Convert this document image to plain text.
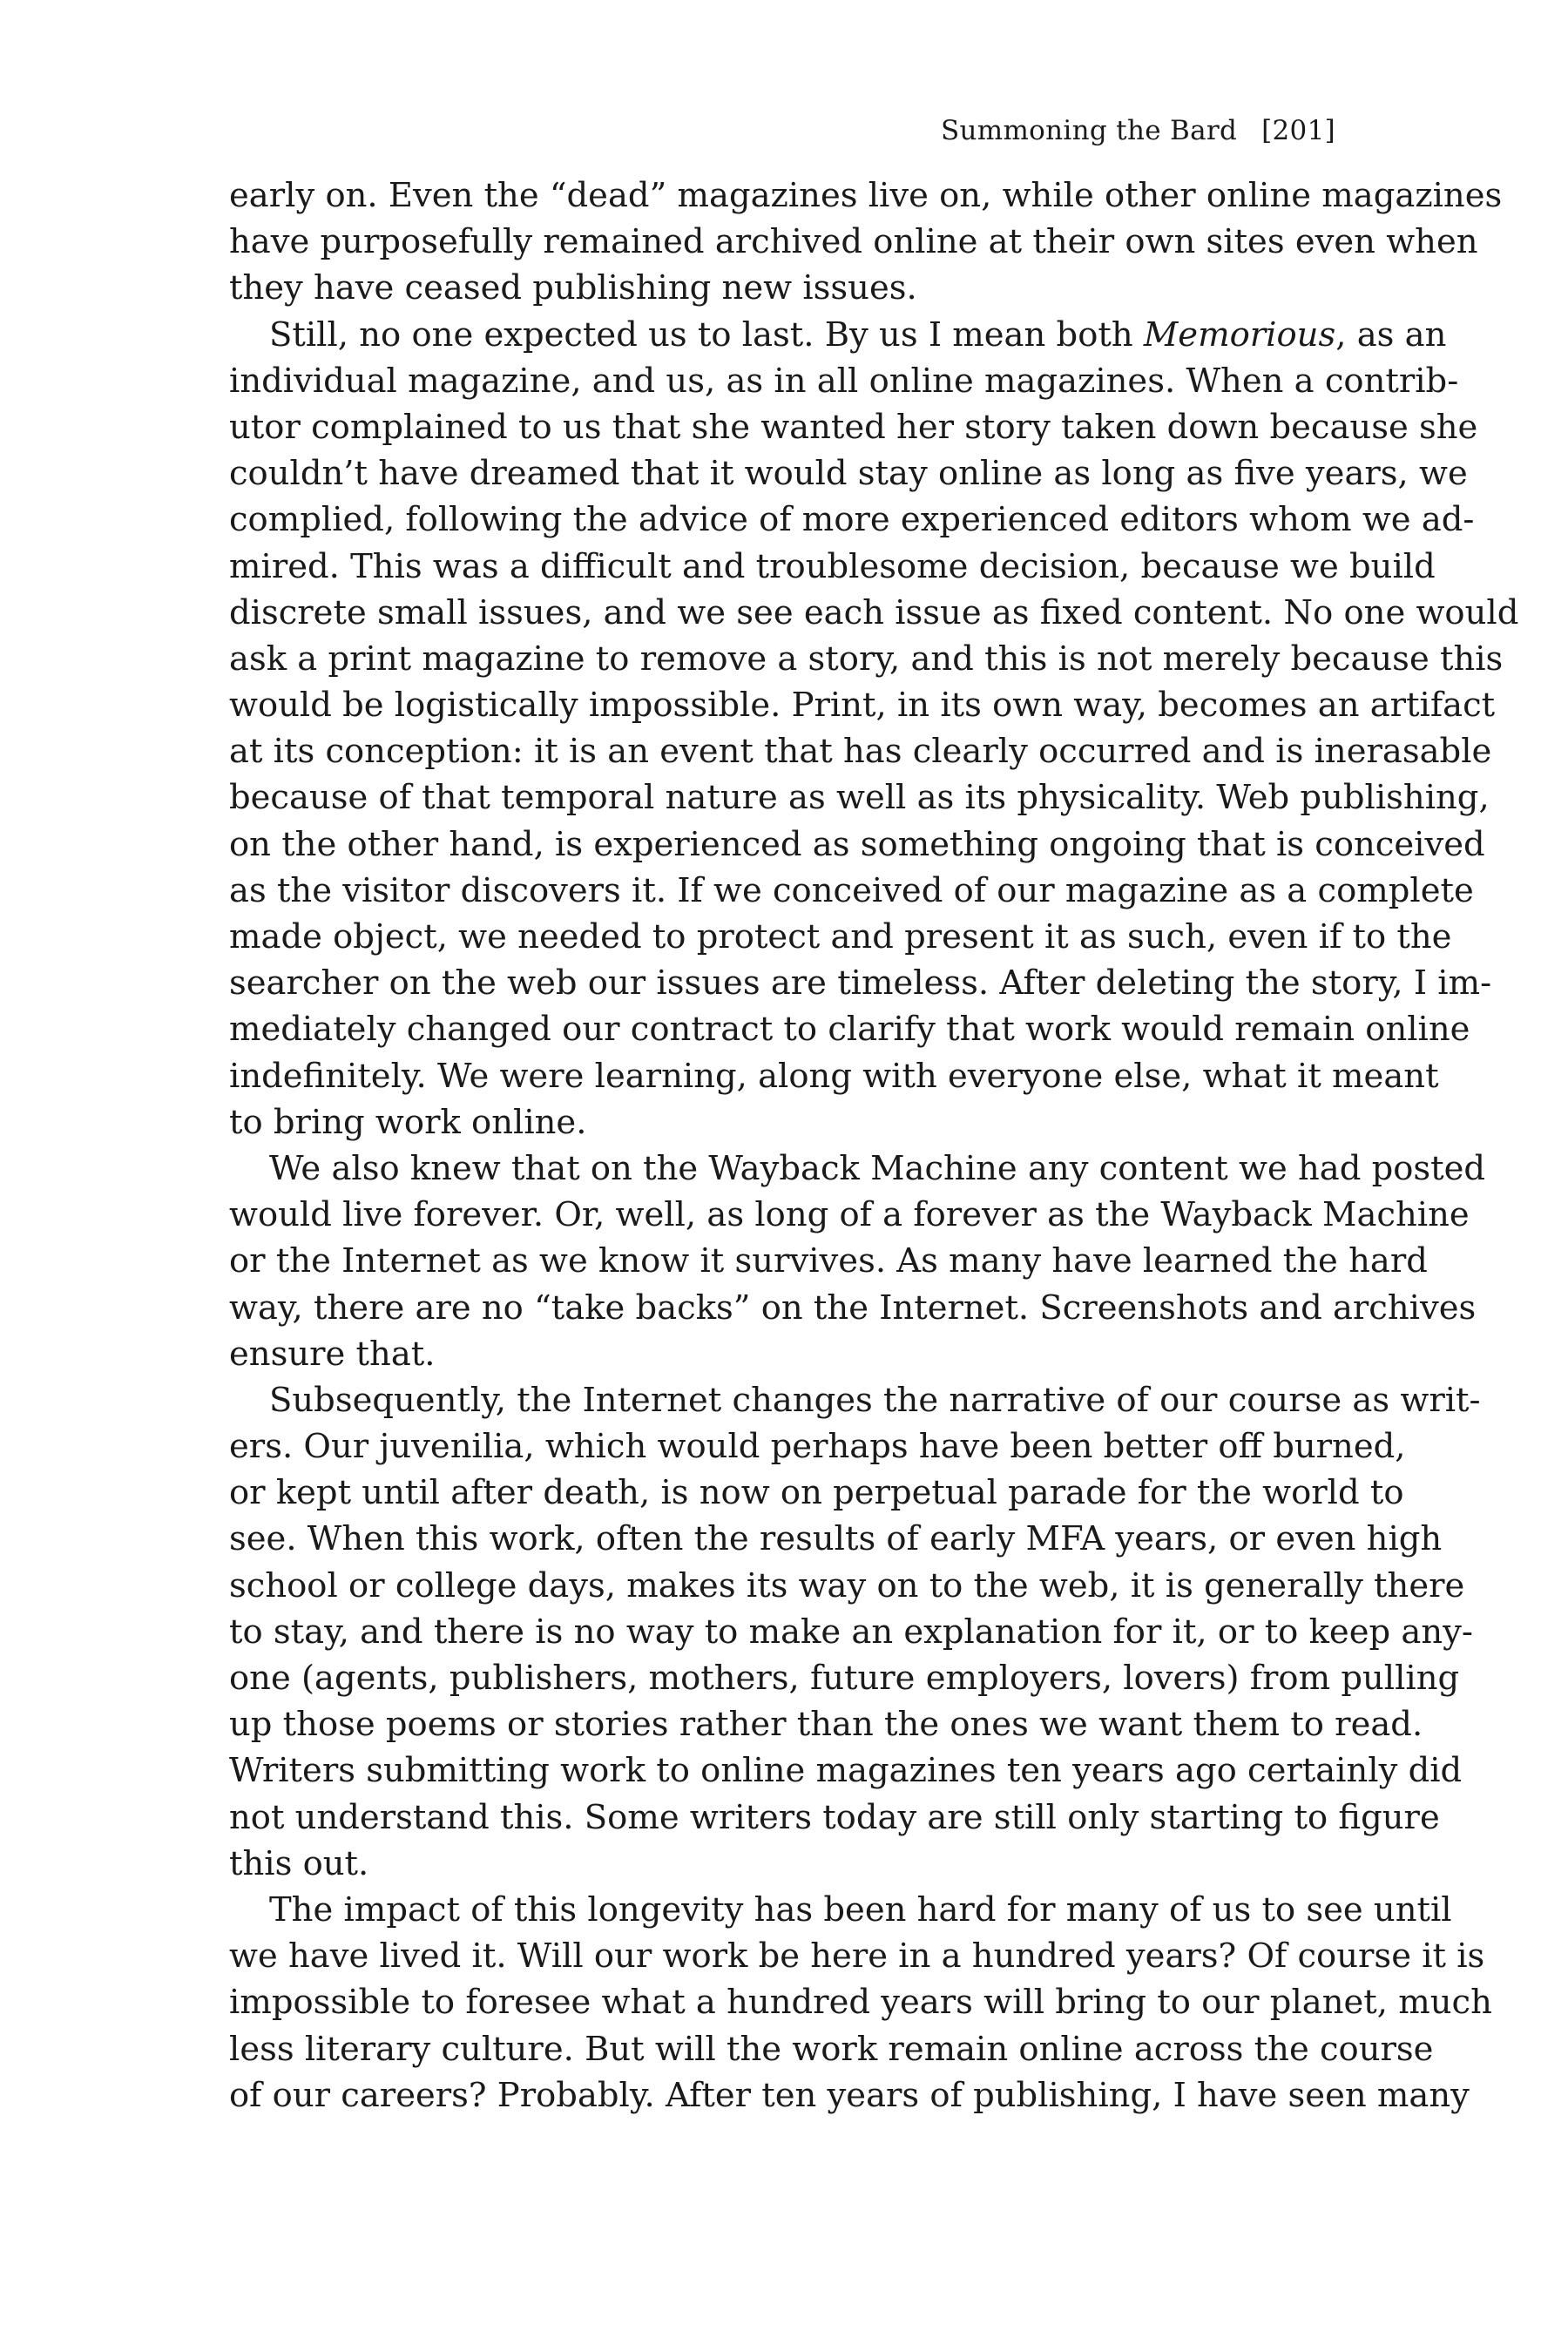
Summoning the Bard [201]
early on. Even the “dead” magazines live on, while other online magazines
have purposefully remained archived online at their own sites even when
they have ceased publishing new issues.
Still, no one expected us to last. By us I mean both Memorious, as an
individual magazine, and us, as in all online magazines. When a contrib-
utor complained to us that she wanted her story taken down because she
couldn’t have dreamed that it would stay online as long as five years, we
complied, following the advice of more experienced editors whom we ad-
mired. This was a difficult and troublesome decision, because we build
discrete small issues, and we see each issue as fixed content. No one would
ask a print magazine to remove a story, and this is not merely because this
would be logistically impossible. Print, in its own way, becomes an artifact
at its conception: it is an event that has clearly occurred and is inerasable
because of that temporal nature as well as its physicality. Web publishing,
on the other hand, is experienced as something ongoing that is conceived
as the visitor discovers it. If we conceived of our magazine as a complete
made object, we needed to protect and present it as such, even if to the
searcher on the web our issues are timeless. After deleting the story, I im-
mediately changed our contract to clarify that work would remain online
indefinitely. We were learning, along with everyone else, what it meant
to bring work online.
We also knew that on the Wayback Machine any content we had posted
would live forever. Or, well, as long of a forever as the Wayback Machine
or the Internet as we know it survives. As many have learned the hard
way, there are no “take backs” on the Internet. Screenshots and archives
ensure that.
Subsequently, the Internet changes the narrative of our course as writ-
ers. Our juvenilia, which would perhaps have been better off burned,
or kept until after death, is now on perpetual parade for the world to
see. When this work, often the results of early MFA years, or even high
school or college days, makes its way on to the web, it is generally there
to stay, and there is no way to make an explanation for it, or to keep any-
one (agents, publishers, mothers, future employers, lovers) from pulling
up those poems or stories rather than the ones we want them to read.
Writers submitting work to online magazines ten years ago certainly did
not understand this. Some writers today are still only starting to figure
this out.
The impact of this longevity has been hard for many of us to see until
we have lived it. Will our work be here in a hundred years? Of course it is
impossible to foresee what a hundred years will bring to our planet, much
less literary culture. But will the work remain online across the course
of our careers? Probably. After ten years of publishing, I have seen many
